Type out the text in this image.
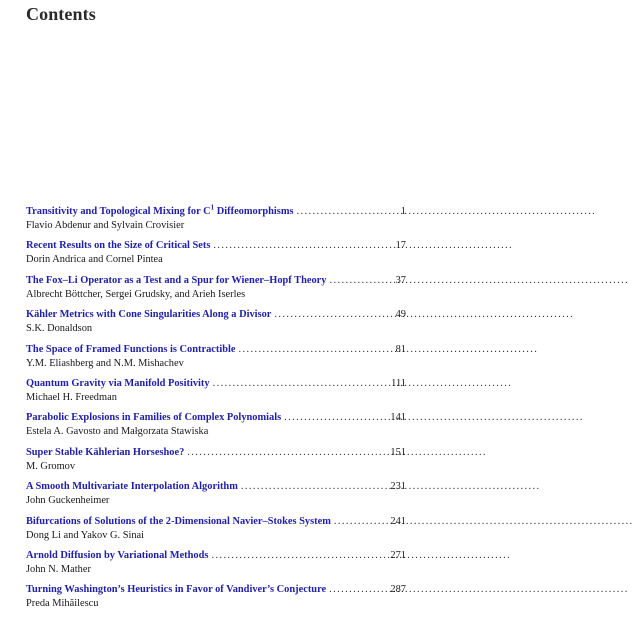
Contents
Transitivity and Topological Mixing for $C^1$ Diffeomorphisms . . .	1
Flavio Abdenur and Sylvain Crovisier
Recent Results on the Size of Critical Sets . . .	17
Dorin Andrica and Cornel Pintea
The Fox–Li Operator as a Test and a Spur for Wiener–Hopf Theory . . .	37
Albrecht Böttcher, Sergei Grudsky, and Arieh Iserles
Kähler Metrics with Cone Singularities Along a Divisor . . .	49
S.K. Donaldson
The Space of Framed Functions is Contractible . . .	81
Y.M. Eliashberg and N.M. Mishachev
Quantum Gravity via Manifold Positivity . . .	111
Michael H. Freedman
Parabolic Explosions in Families of Complex Polynomials . . .	141
Estela A. Gavosto and Małgorzata Stawiska
Super Stable Kählerian Horseshoe? . . .	151
M. Gromov
A Smooth Multivariate Interpolation Algorithm . . .	231
John Guckenheimer
Bifurcations of Solutions of the 2-Dimensional Navier–Stokes System . . .	241
Dong Li and Yakov G. Sinai
Arnold Diffusion by Variational Methods . . .	271
John N. Mather
Turning Washington’s Heuristics in Favor of Vandiver’s Conjecture . . .	287
Preda Mihăilescu
